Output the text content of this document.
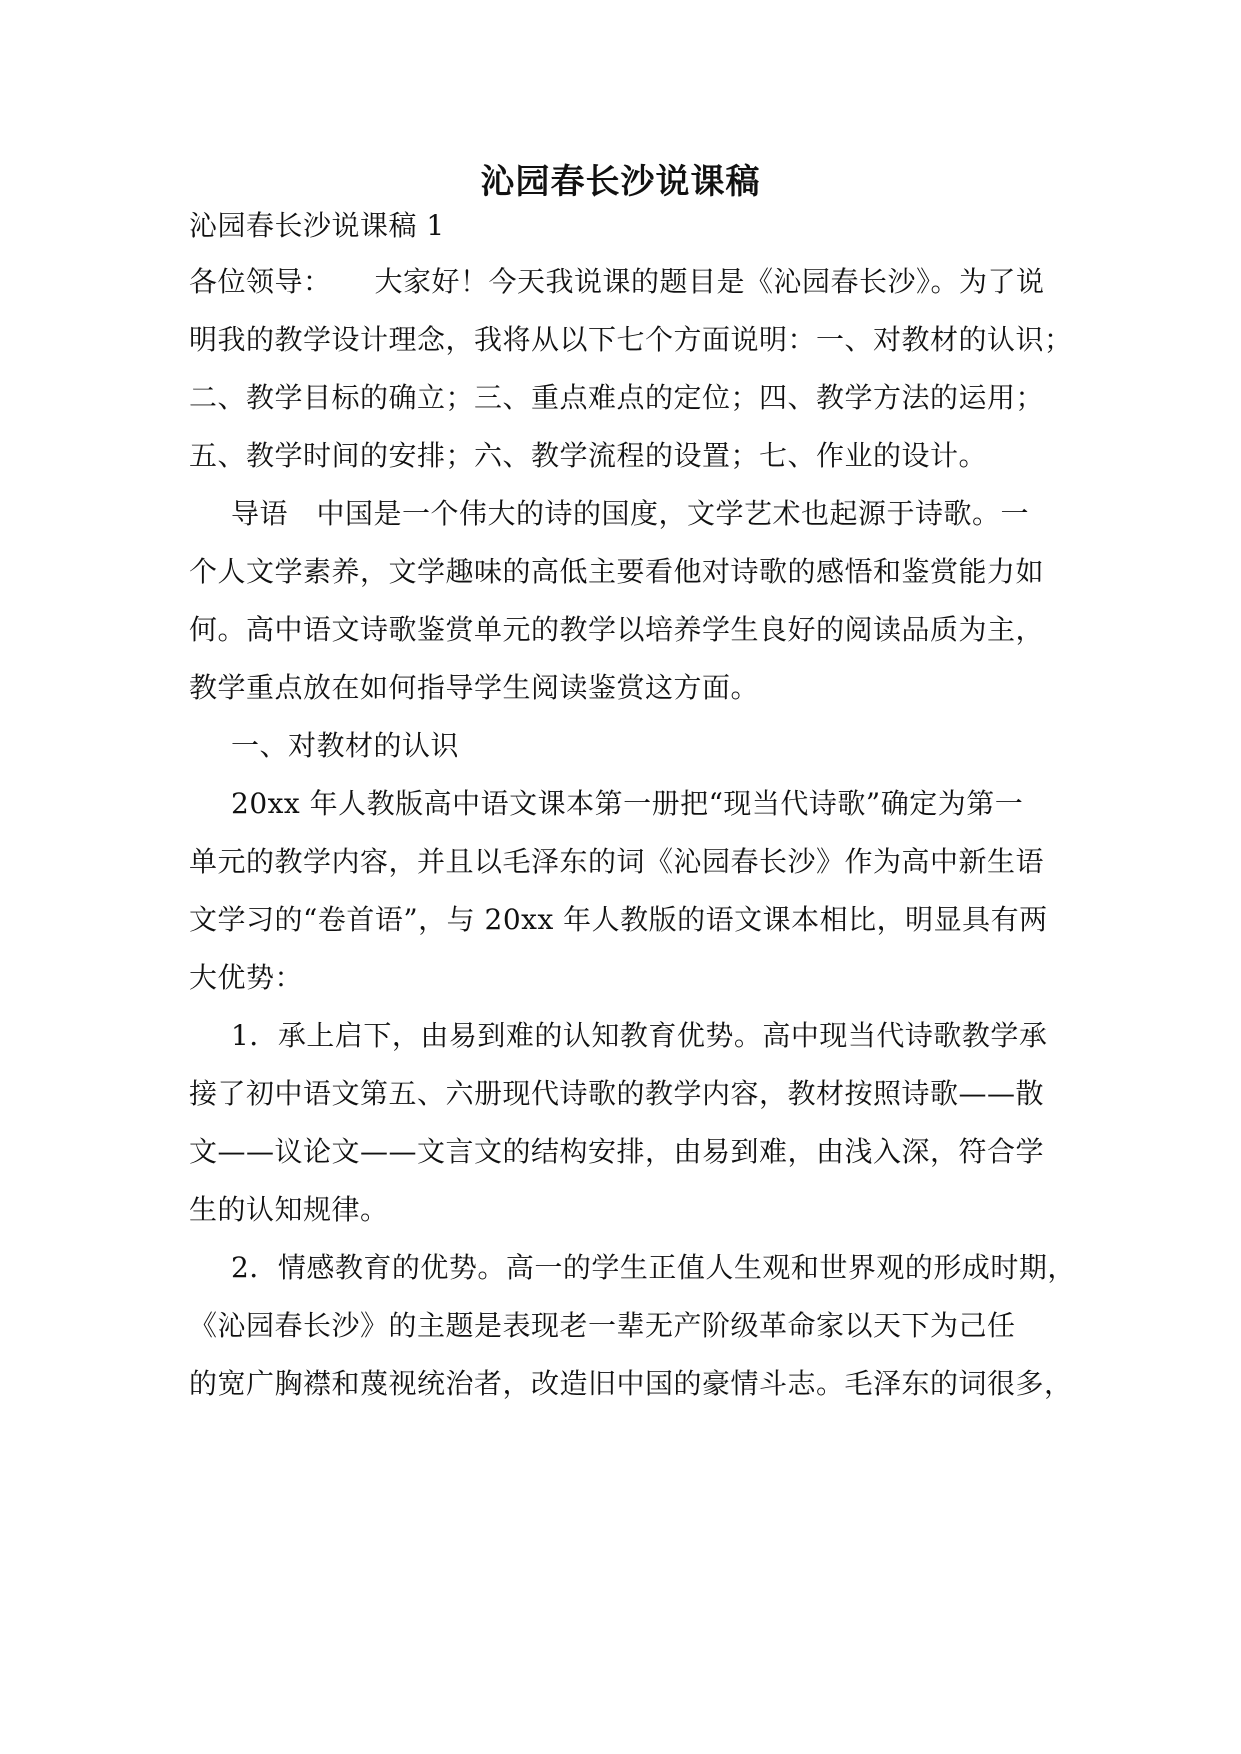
沁园春长沙说课稿
沁园春长沙说课稿 1
各位领导：　　大家好！今天我说课的题目是《沁园春长沙》。为了说
明我的教学设计理念，我将从以下七个方面说明：一、对教材的认识；
二、教学目标的确立；三、重点难点的定位；四、教学方法的运用；
五、教学时间的安排；六、教学流程的设置；七、作业的设计。
导语　中国是一个伟大的诗的国度，文学艺术也起源于诗歌。一
个人文学素养，文学趣味的高低主要看他对诗歌的感悟和鉴赏能力如
何。高中语文诗歌鉴赏单元的教学以培养学生良好的阅读品质为主，
教学重点放在如何指导学生阅读鉴赏这方面。
一、对教材的认识
20xx 年人教版高中语文课本第一册把“现当代诗歌”确定为第一
单元的教学内容，并且以毛泽东的词《沁园春长沙》作为高中新生语
文学习的“卷首语”，与 20xx 年人教版的语文课本相比，明显具有两
大优势：
1．承上启下，由易到难的认知教育优势。高中现当代诗歌教学承
接了初中语文第五、六册现代诗歌的教学内容，教材按照诗歌——散
文——议论文——文言文的结构安排，由易到难，由浅入深，符合学
生的认知规律。
2．情感教育的优势。高一的学生正值人生观和世界观的形成时期，
《沁园春长沙》的主题是表现老一辈无产阶级革命家以天下为己任
的宽广胸襟和蔑视统治者，改造旧中国的豪情斗志。毛泽东的词很多，
